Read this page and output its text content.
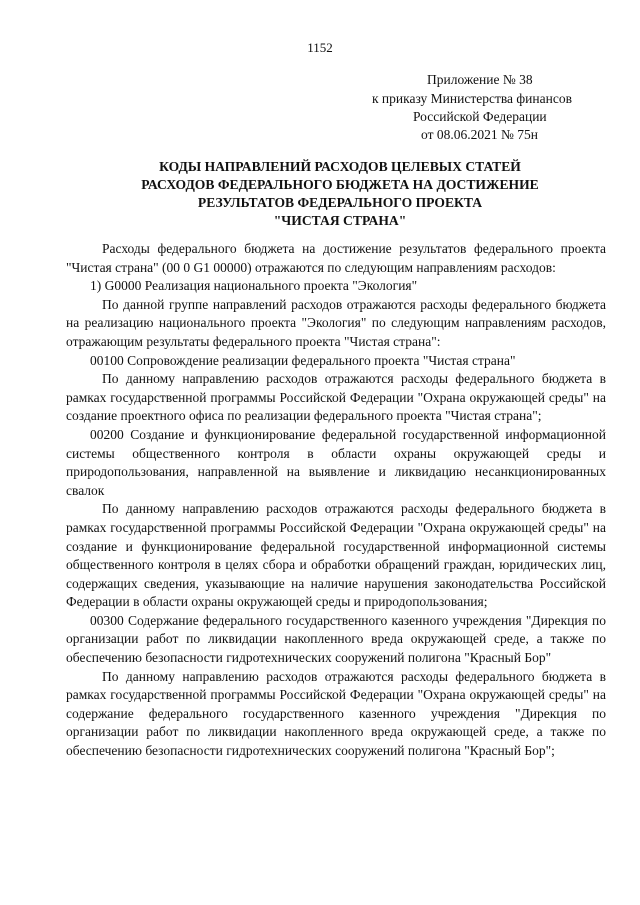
1152
Приложение № 38
к приказу Министерства финансов
Российской Федерации
от 08.06.2021 № 75н
КОДЫ НАПРАВЛЕНИЙ РАСХОДОВ ЦЕЛЕВЫХ СТАТЕЙ
РАСХОДОВ ФЕДЕРАЛЬНОГО БЮДЖЕТА НА ДОСТИЖЕНИЕ
РЕЗУЛЬТАТОВ ФЕДЕРАЛЬНОГО ПРОЕКТА
"ЧИСТАЯ СТРАНА"

Расходы федерального бюджета на достижение результатов федерального проекта "Чистая страна" (00 0 G1 00000) отражаются по следующим направлениям расходов:

1) G0000 Реализация национального проекта "Экология"

По данной группе направлений расходов отражаются расходы федерального бюджета на реализацию национального проекта "Экология" по следующим направлениям расходов, отражающим результаты федерального проекта "Чистая страна":

00100 Сопровождение реализации федерального проекта "Чистая страна"

По данному направлению расходов отражаются расходы федерального бюджета в рамках государственной программы Российской Федерации "Охрана окружающей среды" на создание проектного офиса по реализации федерального проекта "Чистая страна";

00200 Создание и функционирование федеральной государственной информационной системы общественного контроля в области охраны окружающей среды и природопользования, направленной на выявление и ликвидацию несанкционированных свалок

По данному направлению расходов отражаются расходы федерального бюджета в рамках государственной программы Российской Федерации "Охрана окружающей среды" на создание и функционирование федеральной государственной информационной системы общественного контроля в целях сбора и обработки обращений граждан, юридических лиц, содержащих сведения, указывающие на наличие нарушения законодательства Российской Федерации в области охраны окружающей среды и природопользования;

00300 Содержание федерального государственного казенного учреждения "Дирекция по организации работ по ликвидации накопленного вреда окружающей среде, а также по обеспечению безопасности гидротехнических сооружений полигона "Красный Бор"

По данному направлению расходов отражаются расходы федерального бюджета в рамках государственной программы Российской Федерации "Охрана окружающей среды" на содержание федерального государственного казенного учреждения "Дирекция по организации работ по ликвидации накопленного вреда окружающей среде, а также по обеспечению безопасности гидротехнических сооружений полигона "Красный Бор";
